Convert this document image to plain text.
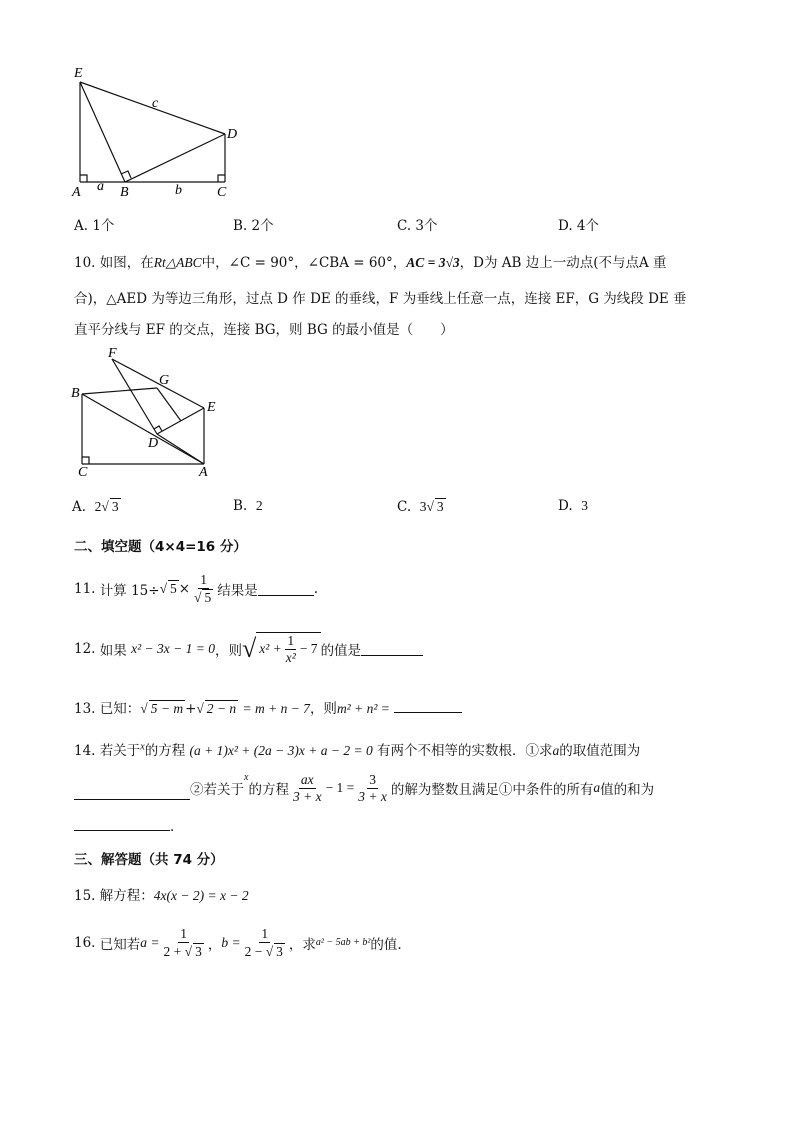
E
D
A	B	C
a	b
c
A. 1个	B. 2个	C. 3个	D. 4个
10. 如图，在Rt△ABC中，∠C = 90°，∠CBA = 60°，AC = 3√3，D为 AB 边上一动点(不与点A 重
合)，△AED 为等边三角形，过点 D 作 DE 的垂线，F 为垂线上任意一点，连接 EF，G 为线段 DE 垂
直平分线与 EF 的交点，连接 BG，则 BG 的最小值是（　　）
F
G
B
E
D
C	A
A. 2√ 3	B. 2	C. 3√ 3	D. 3
二、填空题（4×4=16 分）
11.
计算 15÷ √ $5 \times \frac{1}{√ 5}$ 结果是	.
12.
如果
x² − 3x − 1 = 0 ，则 √ $x^2 + \frac{1}{\text{x²}} - 7$ 的值是
13. 已知：√ 5 − m +√ 2 − n = m + n − 7，则m² + n² =
14. 若关于$^x$的方程 (a + 1)x² + (2a − 3)x + a − 2 = 0 有两个不相等的实数根．①求a的取值范围为
②若关于
x
的方程 $\frac{ax}{3 + x} - 1 = \frac{3}{3 + x}$ 的解为整数且满足①中条件的所有 a 值的和为
.
三、解答题（共 74 分）
15. 解方程：4x(x − 2) = x − 2
16.
已知若 $a = \frac{1}{2 + √ 3}$ ， $b = \frac{1}{2 - √ 3}$ ，求 a² − 5ab + b² 的值.
